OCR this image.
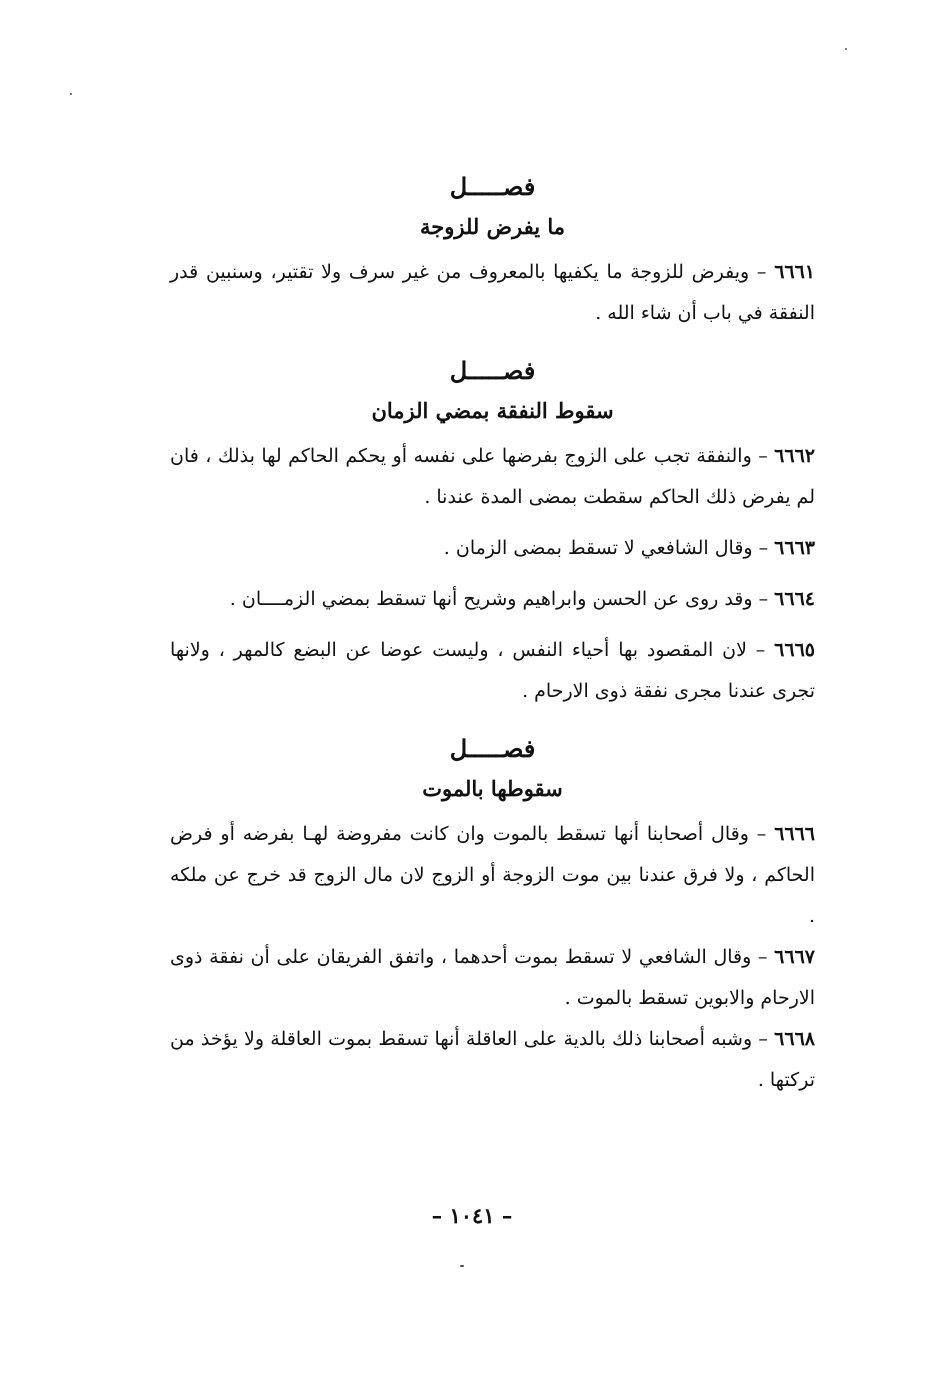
فصـــــل
ما يفرض للزوجة

٦٦٦١ – ويفرض للزوجة ما يكفيها بالمعروف من غير سرف ولا تقتير، وسنبين قدر النفقة في باب أن شاء الله .

فصـــــل
سقوط النفقة بمضي الزمان

٦٦٦٢ – والنفقة تجب على الزوج بفرضها على نفسه أو يحكم الحاكم لها بذلك ، فان لم يفرض ذلك الحاكم سقطت بمضى المدة عندنا .

٦٦٦٣ – وقال الشافعي لا تسقط بمضى الزمان .

٦٦٦٤ – وقد روى عن الحسن وابراهيم وشريح أنها تسقط بمضي الزمــــان .

٦٦٦٥ – لان المقصود بها أحياء النفس ، وليست عوضا عن البضع كالمهر ، ولانها تجرى عندنا مجرى نفقة ذوى الارحام .

فصـــــل
سقوطها بالموت

٦٦٦٦ – وقال أصحابنا أنها تسقط بالموت وان كانت مفروضة لهـا بفرضه أو فرض الحاكم ، ولا فرق عندنا بين موت الزوجة أو الزوج لان مال الزوج قد خرج عن ملكه .

٦٦٦٧ – وقال الشافعي لا تسقط بموت أحدهما ، واتفق الفريقان على أن نفقة ذوى الارحام والابوين تسقط بالموت .

٦٦٦٨ – وشبه أصحابنا ذلك بالدية على العاقلة أنها تسقط بموت العاقلة ولا يؤخذ من تركتها .

– ١٠٤١ –
